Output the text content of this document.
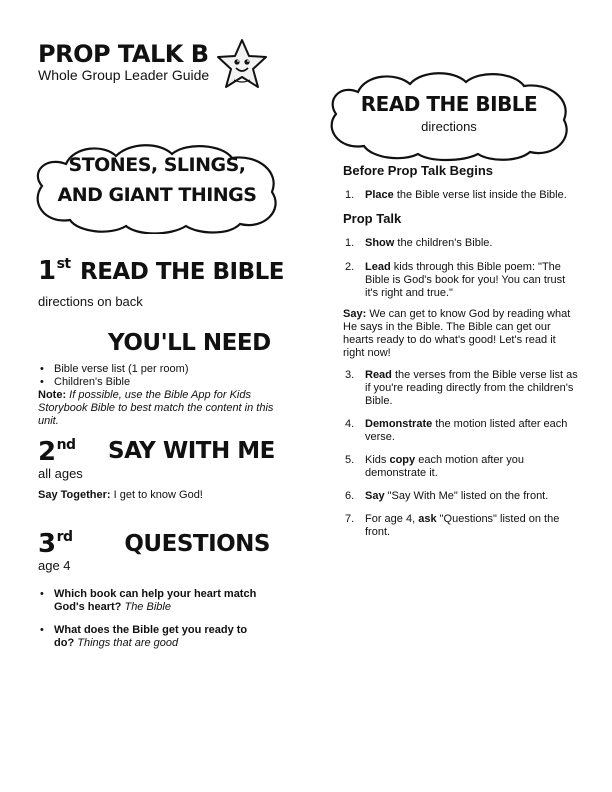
PROP TALK B
Whole Group Leader Guide
STONES, SLINGS,
AND GIANT THINGS
READ THE BIBLE
directions
1st READ THE BIBLE
directions on back
YOU'LL NEED
• Bible verse list (1 per room)
• Children's Bible
Note: If possible, use the Bible App for Kids Storybook Bible to best match the content in this unit.
2nd SAY WITH ME
all ages
Say Together: I get to know God!
3rd	QUESTIONS
age 4
• Which book can help your heart match God's heart? The Bible
• What does the Bible get you ready to do? Things that are good
Before Prop Talk Begins
1. Place the Bible verse list inside the Bible.
Prop Talk
1. Show the children's Bible.
2. Lead kids through this Bible poem: "The Bible is God's book for you! You can trust it's right and true."
Say: We can get to know God by reading what He says in the Bible. The Bible can get our hearts ready to do what's good! Let's read it right now!
3. Read the verses from the Bible verse list as if you're reading directly from the children's Bible.
4. Demonstrate the motion listed after each verse.
5. Kids copy each motion after you demonstrate it.
6. Say "Say With Me" listed on the front.
7. For age 4, ask "Questions" listed on the front.
